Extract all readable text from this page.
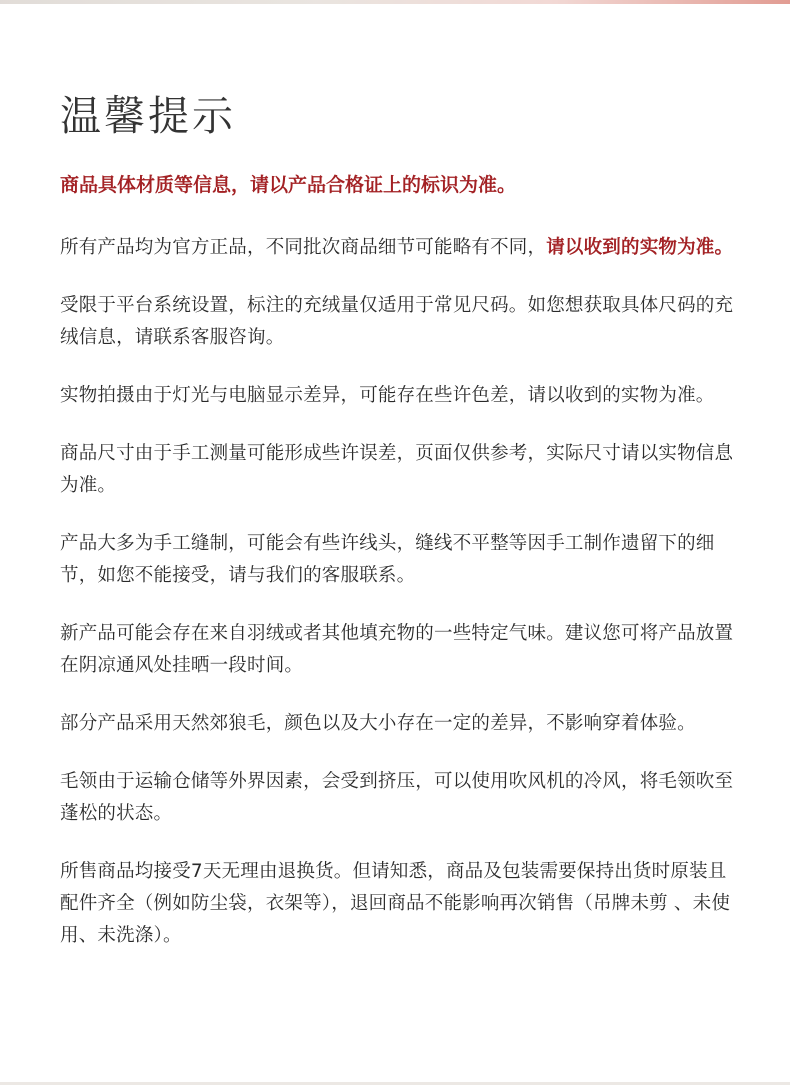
温馨提示

商品具体材质等信息，请以产品合格证上的标识为准。

所有产品均为官方正品，不同批次商品细节可能略有不同，请以收到的实物为准。

受限于平台系统设置，标注的充绒量仅适用于常见尺码。如您想获取具体尺码的充绒信息，请联系客服咨询。

实物拍摄由于灯光与电脑显示差异，可能存在些许色差，请以收到的实物为准。

商品尺寸由于手工测量可能形成些许误差，页面仅供参考，实际尺寸请以实物信息为准。

产品大多为手工缝制，可能会有些许线头，缝线不平整等因手工制作遗留下的细节，如您不能接受，请与我们的客服联系。

新产品可能会存在来自羽绒或者其他填充物的一些特定气味。建议您可将产品放置在阴凉通风处挂晒一段时间。

部分产品采用天然郊狼毛，颜色以及大小存在一定的差异，不影响穿着体验。

毛领由于运输仓储等外界因素，会受到挤压，可以使用吹风机的冷风，将毛领吹至蓬松的状态。

所售商品均接受7天无理由退换货。但请知悉，商品及包装需要保持出货时原装且配件齐全（例如防尘袋，衣架等），退回商品不能影响再次销售（吊牌未剪 、未使用、未洗涤）。
